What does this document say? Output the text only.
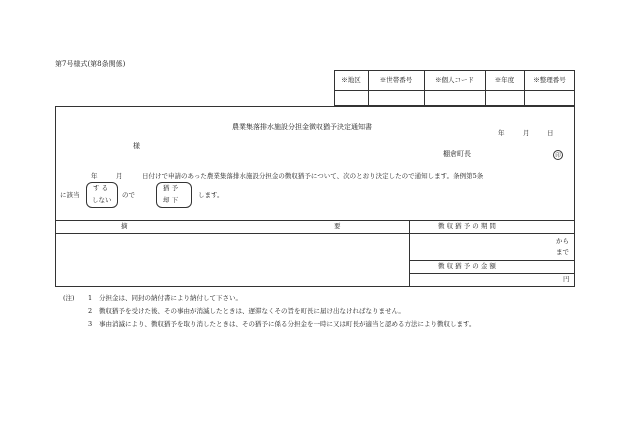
第7号様式(第8条関係)
※地区	※世帯番号	※個人コード	※年度	※整理番号
農業集落排水施設分担金徴収猶予決定通知書
年	月	日
様
棚倉町長	印
年	月	日付けで申請のあった農業集落排水施設分担金の徴収猶予について、次のとおり決定したので通知します。条例第5条
に該当
す る
しない
ので
猶 予
却 下
します。
摘	要	徴 収 猶 予 の 期 間
から
まで
徴 収 猶 予 の 金 額
円
(注) 1 分担金は、同封の納付書により納付して下さい。
2 徴収猶予を受けた後、その事由が消滅したときは、遅滞なくその旨を町長に届け出なければなりません。
3 事由消滅により、徴収猶予を取り消したときは、その猶予に係る分担金を一時に又は町長が適当と認める方法により徴収します。
